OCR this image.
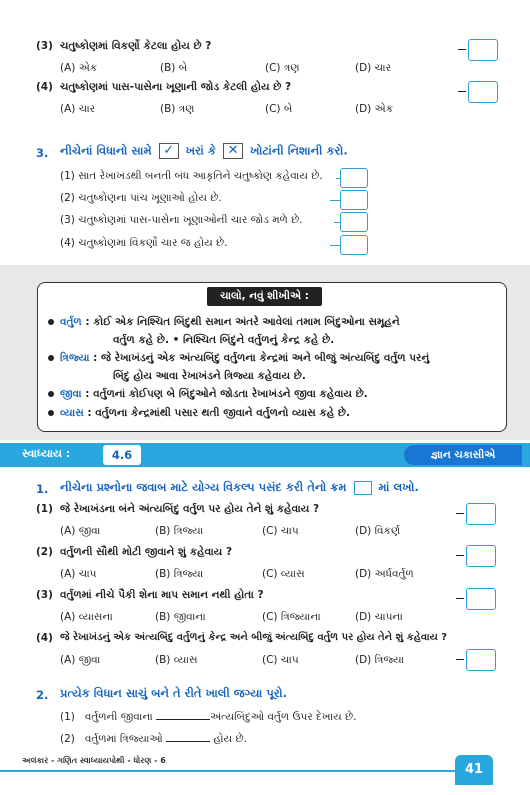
(3) ચતુષ્કોણમાં વિકર્ણો કેટલા હોય છે ?
(A) એક	(B) બે	(C) ત્રણ	(D) ચાર
(4) ચતુષ્કોણમાં પાસ-પાસેના ખૂણાની જોડ કેટલી હોય છે ?
(A) ચાર	(B) ત્રણ	(C) બે	(D) એક
3. નીચેનાં વિધાનો સામે ✓ ખરાં કે ✕ ખોટાંની નિશાની કરો.
(1) સાત રેખાખંડથી બનતી બંધ આકૃતિને ચતુષ્કોણ કહેવાય છે.
(2) ચતુષ્કોણના પાંચ ખૂણાઓ હોય છે.
(3) ચતુષ્કોણમાં પાસ-પાસેના ખૂણાઓની ચાર જોડ મળે છે.
(4) ચતુષ્કોણમાં વિકર્ણો ચાર જ હોય છે.
ચાલો, નવું શીખીએ :
વર્તુળ : કોઈ એક નિશ્ચિત બિંદુથી સમાન અંતરે આવેલાં તમામ બિંદુઓના સમૂહને
વર્તુળ કહે છે. • નિશ્ચિત બિંદુને વર્તુળનું કેન્દ્ર કહે છે.
ત્રિજ્યા : જે રેખાખંડનું એક અંત્યબિંદુ વર્તુળના કેન્દ્રમાં અને બીજું અંત્યબિંદુ વર્તુળ પરનું
બિંદુ હોય આવા રેખાખંડને ત્રિજ્યા કહેવાય છે.
જીવા : વર્તુળનાં કોઈપણ બે બિંદુઓને જોડતા રેખાખંડને જીવા કહેવાય છે.
વ્યાસ : વર્તુળના કેન્દ્રમાંથી પસાર થતી જીવાને વર્તુળનો વ્યાસ કહે છે.
સ્વાધ્યાય :	4.6	જ્ઞાન ચકાસીએ
1. નીચેના પ્રશ્નોના જવાબ માટે યોગ્ય વિકલ્પ પસંદ કરી તેનો ક્રમ	માં લખો.
(1) જે રેખાખંડના બંને અંત્યબિંદુ વર્તુળ પર હોય તેને શું કહેવાય ?
(A) જીવા	(B) ત્રિજ્યા	(C) ચાપ	(D) વિકર્ણ
(2) વર્તુળની સૌથી મોટી જીવાને શું કહેવાય ?
(A) ચાપ	(B) ત્રિજ્યા	(C) વ્યાસ	(D) અર્ધવર્તુળ
(3) વર્તુળમાં નીચે પૈકી શેના માપ સમાન નથી હોતા ?
(A) વ્યાસના	(B) જીવાના	(C) ત્રિજ્યાના	(D) ચાપના
(4) જે રેખાખંડનું એક અંત્યબિંદુ વર્તુળનું કેન્દ્ર અને બીજું અંત્યબિંદુ વર્તુળ પર હોય તેને શું કહેવાય ?
(A) જીવા	(B) વ્યાસ	(C) ચાપ	(D) ત્રિજ્યા
2. પ્રત્યેક વિધાન સાચું બને તે રીતે ખાલી જગ્યા પૂરો.
(1) વર્તુળની જીવાના	અંત્યબિંદુઓ વર્તુળ ઉપર દેખાય છે.
(2) વર્તુળમાં ત્રિજ્યાઓ	હોય છે.
અલંકાર - ગણિત સ્વાધ્યાયપોથી - ધોરણ - 6
41
